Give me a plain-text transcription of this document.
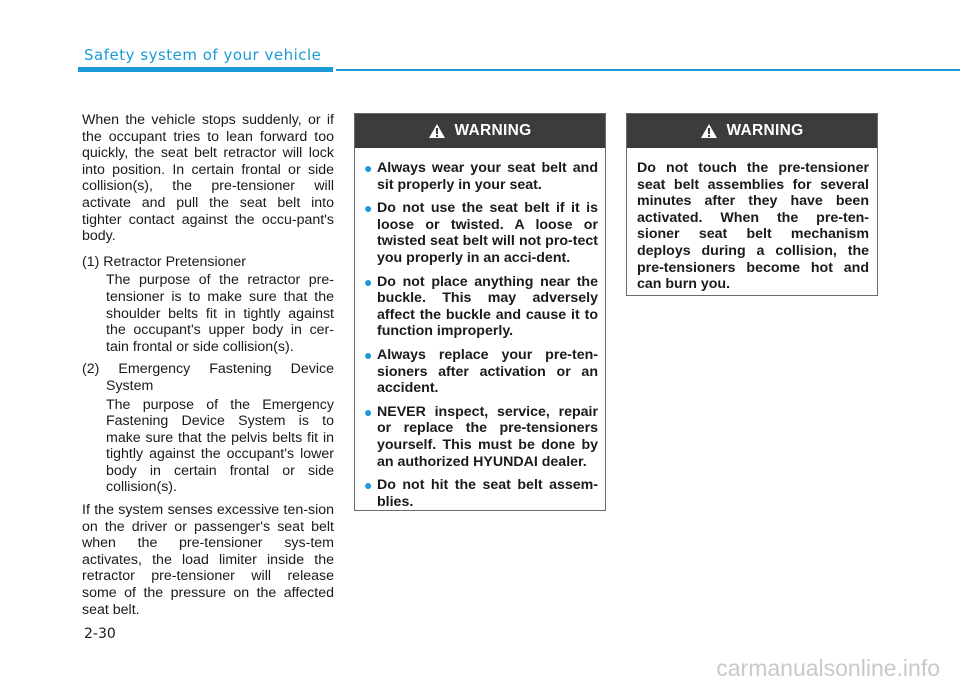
Safety system of your vehicle

When the vehicle stops suddenly, or if the occupant tries to lean forward too quickly, the seat belt retractor will lock into position. In certain frontal or side collision(s), the pre-tensioner will activate and pull the seat belt into tighter contact against the occu-pant's body.

(1) Retractor Pretensioner

The purpose of the retractor pre-tensioner is to make sure that the shoulder belts fit in tightly against the occupant's upper body in cer-tain frontal or side collision(s).

(2) Emergency Fastening Device System

The purpose of the Emergency Fastening Device System is to make sure that the pelvis belts fit in tightly against the occupant's lower body in certain frontal or side collision(s).

If the system senses excessive ten-sion on the driver or passenger's seat belt when the pre-tensioner sys-tem activates, the load limiter inside the retractor pre-tensioner will release some of the pressure on the affected seat belt.

WARNING
● Always wear your seat belt and sit properly in your seat.
● Do not use the seat belt if it is loose or twisted. A loose or twisted seat belt will not pro-tect you properly in an acci-dent.
● Do not place anything near the buckle. This may adversely affect the buckle and cause it to function improperly.
● Always replace your pre-ten-sioners after activation or an accident.
● NEVER inspect, service, repair or replace the pre-tensioners yourself. This must be done by an authorized HYUNDAI dealer.
● Do not hit the seat belt assem-blies.
WARNING

Do not touch the pre-tensioner seat belt assemblies for several minutes after they have been activated. When the pre-ten-sioner seat belt mechanism deploys during a collision, the pre-tensioners become hot and can burn you.

2-30
carmanualsonline.info
